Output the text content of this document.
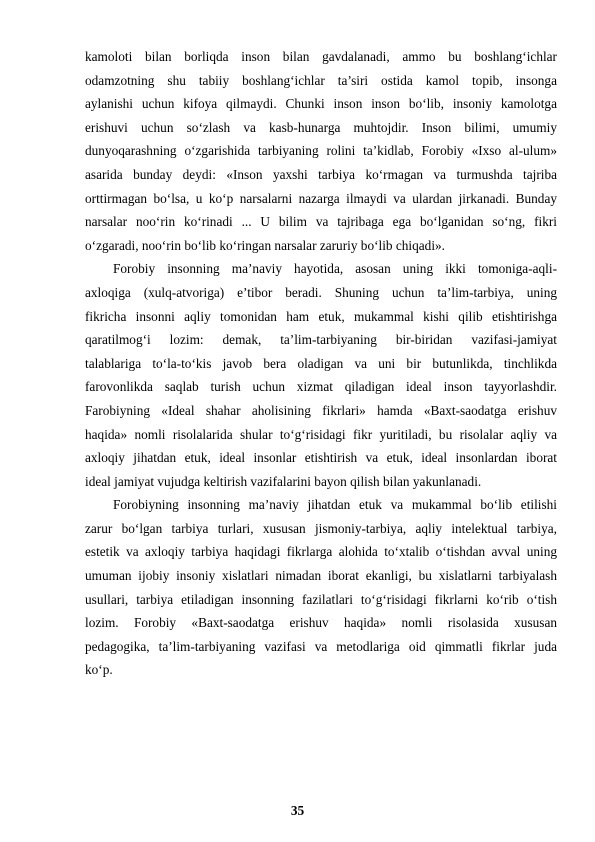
kamoloti bilan borliqda inson bilan gavdalanadi, ammo bu boshlang‘ichlar
odamzotning shu tabiiy boshlang‘ichlar ta’siri ostida kamol topib, insonga
aylanishi uchun kifoya qilmaydi. Chunki inson inson bo‘lib, insoniy kamolotga
erishuvi uchun so‘zlash va kasb-hunarga muhtojdir. Inson bilimi, umumiy
dunyoqarashning o‘zgarishida tarbiyaning rolini ta’kidlab, Forobiy «Ixso al-ulum»
asarida bunday deydi: «Inson yaxshi tarbiya ko‘rmagan va turmushda tajriba
orttirmagan bo‘lsa, u ko‘p narsalarni nazarga ilmaydi va ulardan jirkanadi. Bunday
narsalar noo‘rin ko‘rinadi ... U bilim va tajribaga ega bo‘lganidan so‘ng, fikri
o‘zgaradi, noo‘rin bo‘lib ko‘ringan narsalar zaruriy bo‘lib chiqadi».
Forobiy insonning ma’naviy hayotida, asosan uning ikki tomoniga-aqli-
axloqiga (xulq-atvoriga) e’tibor beradi. Shuning uchun ta’lim-tarbiya, uning
fikricha insonni aqliy tomonidan ham etuk, mukammal kishi qilib etishtirishga
qaratilmog‘i lozim: demak, ta’lim-tarbiyaning bir-biridan vazifasi-jamiyat
talablariga to‘la-to‘kis javob bera oladigan va uni bir butunlikda, tinchlikda
farovonlikda saqlab turish uchun xizmat qiladigan ideal inson tayyorlashdir.
Farobiyning «Ideal shahar aholisining fikrlari» hamda «Baxt-saodatga erishuv
haqida» nomli risolalarida shular to‘g‘risidagi fikr yuritiladi, bu risolalar aqliy va
axloqiy jihatdan etuk, ideal insonlar etishtirish va etuk, ideal insonlardan iborat
ideal jamiyat vujudga keltirish vazifalarini bayon qilish bilan yakunlanadi.
Forobiyning insonning ma’naviy jihatdan etuk va mukammal bo‘lib etilishi
zarur bo‘lgan tarbiya turlari, xususan jismoniy-tarbiya, aqliy intelektual tarbiya,
estetik va axloqiy tarbiya haqidagi fikrlarga alohida to‘xtalib o‘tishdan avval uning
umuman ijobiy insoniy xislatlari nimadan iborat ekanligi, bu xislatlarni tarbiyalash
usullari, tarbiya etiladigan insonning fazilatlari to‘g‘risidagi fikrlarni ko‘rib o‘tish
lozim. Forobiy «Baxt-saodatga erishuv haqida» nomli risolasida xususan
pedagogika, ta’lim-tarbiyaning vazifasi va metodlariga oid qimmatli fikrlar juda
ko‘p.
35
